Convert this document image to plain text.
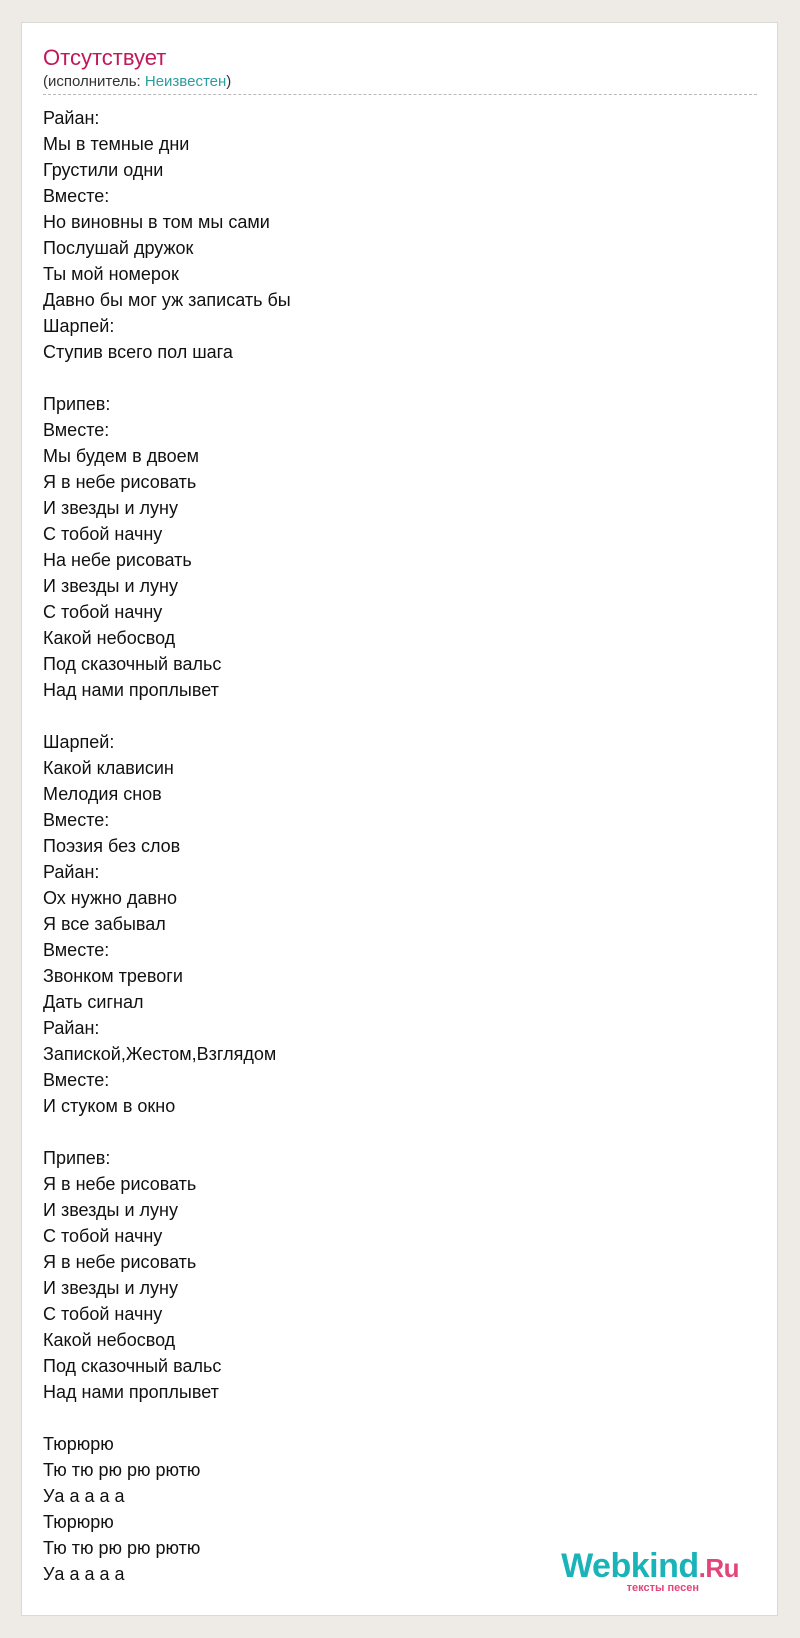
Отсутствует
(исполнитель: Неизвестен)
Райан:
Мы в темные дни
Грустили одни
Вместе:
Но виновны в том мы сами
Послушай дружок
Ты мой номерок
Давно бы мог уж записать бы
Шарпей:
Ступив всего пол шага
Припев:
Вместе:
Мы будем в двоем
Я в небе рисовать
И звезды и луну
С тобой начну
На небе рисовать
И звезды и луну
С тобой начну
Какой небосвод
Под сказочный вальс
Над нами проплывет
Шарпей:
Какой клависин
Мелодия снов
Вместе:
Поэзия без слов
Райан:
Ох нужно давно
Я все забывал
Вместе:
Звонком тревоги
Дать сигнал
Райан:
Запиской,Жестом,Взглядом
Вместе:
И стуком в окно
Припев:
Я в небе рисовать
И звезды и луну
С тобой начну
Я в небе рисовать
И звезды и луну
С тобой начну
Какой небосвод
Под сказочный вальс
Над нами проплывет
Тюрюрю
Тю тю рю рю рютю
Уа а а а а
Тюрюрю
Тю тю рю рю рютю
Уа а а а а	Webkind.Ru
тексты песен
